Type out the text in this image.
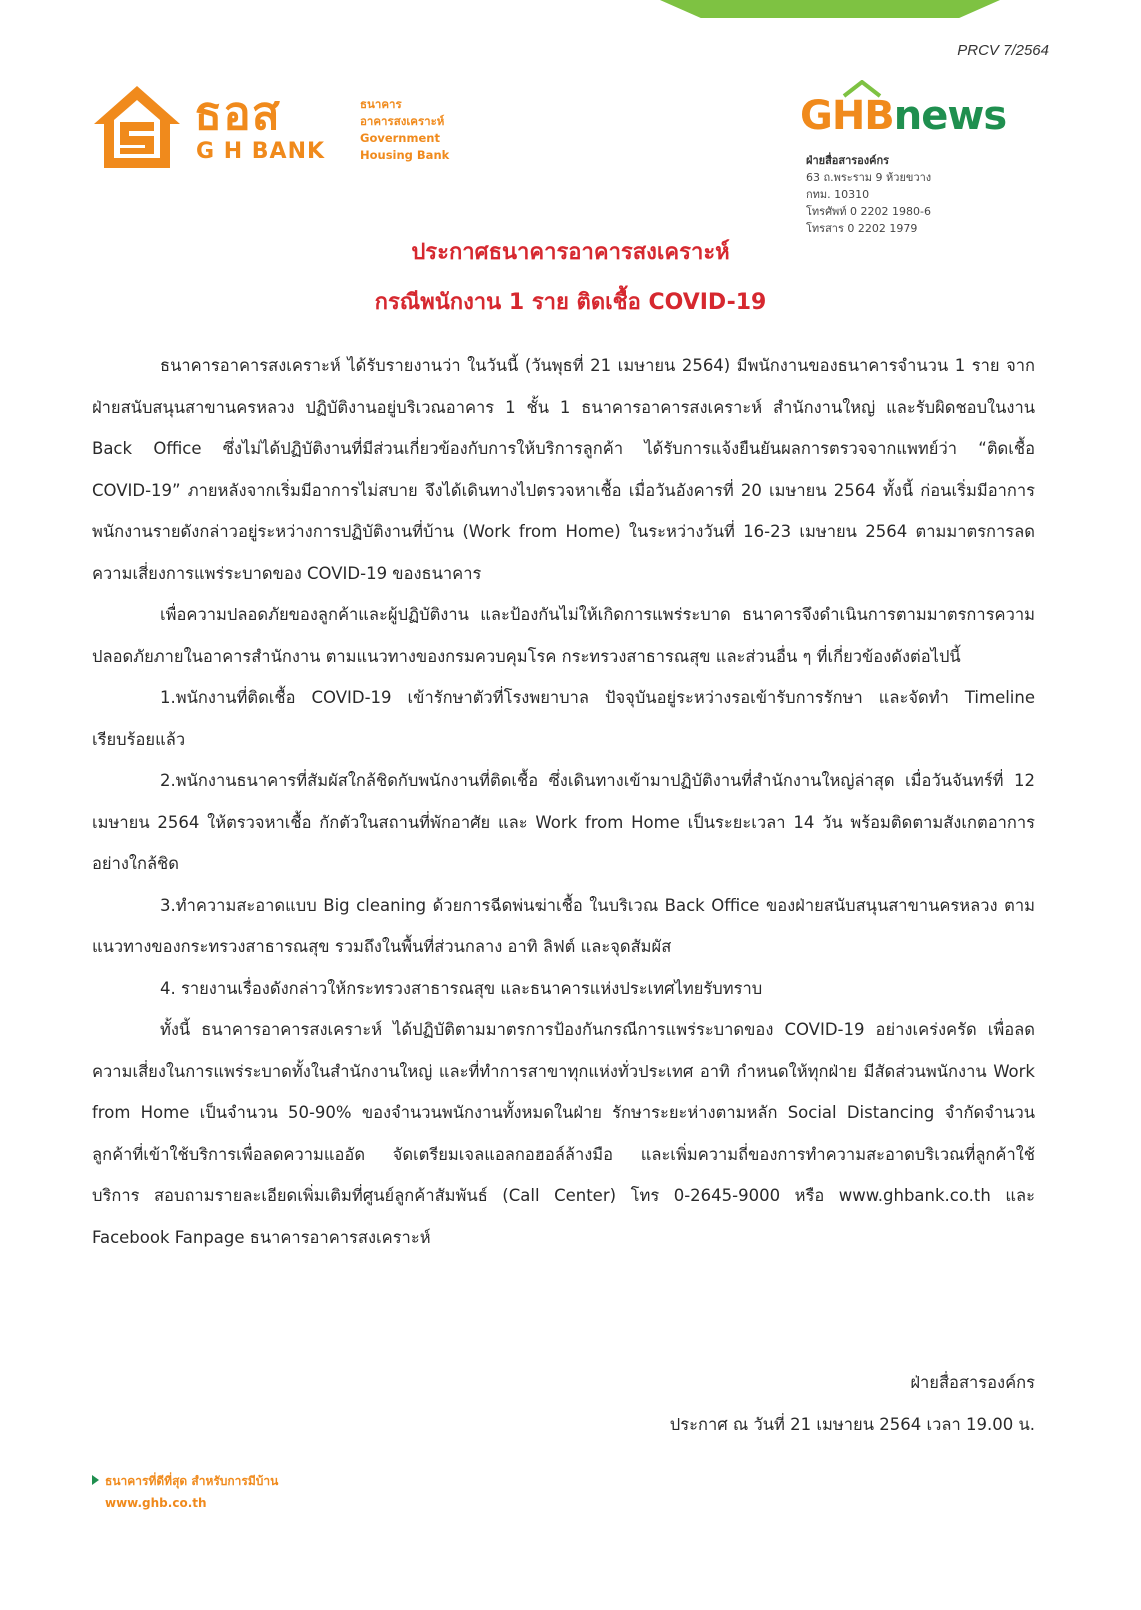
PRCV 7/2564
ธอส
G H BANK
ธนาคาร
อาคารสงเคราะห์
Government
Housing Bank
GHBnews
ฝ่ายสื่อสารองค์กร
63 ถ.พระราม 9 ห้วยขวาง
กทม. 10310
โทรศัพท์ 0 2202 1980-6
โทรสาร 0 2202 1979
ประกาศธนาคารอาคารสงเคราะห์
กรณีพนักงาน 1 ราย ติดเชื้อ COVID-19

ธนาคารอาคารสงเคราะห์ ได้รับรายงานว่า ในวันนี้ (วันพุธที่ 21 เมษายน 2564) มีพนักงานของธนาคารจำนวน 1 ราย จากฝ่ายสนับสนุนสาขานครหลวง ปฏิบัติงานอยู่บริเวณอาคาร 1 ชั้น 1 ธนาคารอาคารสงเคราะห์ สำนักงานใหญ่ และรับผิดชอบในงาน Back Office ซึ่งไม่ได้ปฏิบัติงานที่มีส่วนเกี่ยวข้องกับการให้บริการลูกค้า ได้รับการแจ้งยืนยันผลการตรวจจากแพทย์ว่า “ติดเชื้อ COVID-19” ภายหลังจากเริ่มมีอาการไม่สบาย จึงได้เดินทางไปตรวจหาเชื้อ เมื่อวันอังคารที่ 20 เมษายน 2564 ทั้งนี้ ก่อนเริ่มมีอาการ พนักงานรายดังกล่าวอยู่ระหว่างการปฏิบัติงานที่บ้าน (Work from Home) ในระหว่างวันที่ 16-23 เมษายน 2564 ตามมาตรการลดความเสี่ยงการแพร่ระบาดของ COVID-19 ของธนาคาร

เพื่อความปลอดภัยของลูกค้าและผู้ปฏิบัติงาน และป้องกันไม่ให้เกิดการแพร่ระบาด ธนาคารจึงดำเนินการตามมาตรการความปลอดภัยภายในอาคารสำนักงาน ตามแนวทางของกรมควบคุมโรค กระทรวงสาธารณสุข และส่วนอื่น ๆ ที่เกี่ยวข้องดังต่อไปนี้

1.พนักงานที่ติดเชื้อ COVID-19 เข้ารักษาตัวที่โรงพยาบาล ปัจจุบันอยู่ระหว่างรอเข้ารับการรักษา และจัดทำ Timeline เรียบร้อยแล้ว

2.พนักงานธนาคารที่สัมผัสใกล้ชิดกับพนักงานที่ติดเชื้อ ซึ่งเดินทางเข้ามาปฏิบัติงานที่สำนักงานใหญ่ล่าสุด เมื่อวันจันทร์ที่ 12 เมษายน 2564 ให้ตรวจหาเชื้อ กักตัวในสถานที่พักอาศัย และ Work from Home เป็นระยะเวลา 14 วัน พร้อมติดตามสังเกตอาการอย่างใกล้ชิด

3.ทำความสะอาดแบบ Big cleaning ด้วยการฉีดพ่นฆ่าเชื้อ ในบริเวณ Back Office ของฝ่ายสนับสนุนสาขานครหลวง ตามแนวทางของกระทรวงสาธารณสุข รวมถึงในพื้นที่ส่วนกลาง อาทิ ลิฟต์ และจุดสัมผัส

4. รายงานเรื่องดังกล่าวให้กระทรวงสาธารณสุข และธนาคารแห่งประเทศไทยรับทราบ

ทั้งนี้ ธนาคารอาคารสงเคราะห์ ได้ปฏิบัติตามมาตรการป้องกันกรณีการแพร่ระบาดของ COVID-19 อย่างเคร่งครัด เพื่อลดความเสี่ยงในการแพร่ระบาดทั้งในสำนักงานใหญ่ และที่ทำการสาขาทุกแห่งทั่วประเทศ อาทิ กำหนดให้ทุกฝ่าย มีสัดส่วนพนักงาน Work from Home เป็นจำนวน 50-90% ของจำนวนพนักงานทั้งหมดในฝ่าย รักษาระยะห่างตามหลัก Social Distancing จำกัดจำนวนลูกค้าที่เข้าใช้บริการเพื่อลดความแออัด จัดเตรียมเจลแอลกอฮอล์ล้างมือ และเพิ่มความถี่ของการทำความสะอาดบริเวณที่ลูกค้าใช้บริการ สอบถามรายละเอียดเพิ่มเติมที่ศูนย์ลูกค้าสัมพันธ์ (Call Center) โทร 0-2645-9000 หรือ www.ghbank.co.th และ Facebook Fanpage ธนาคารอาคารสงเคราะห์

ฝ่ายสื่อสารองค์กร
ประกาศ ณ วันที่ 21 เมษายน 2564 เวลา 19.00 น.
ธนาคารที่ดีที่สุด สำหรับการมีบ้าน
www.ghb.co.th
